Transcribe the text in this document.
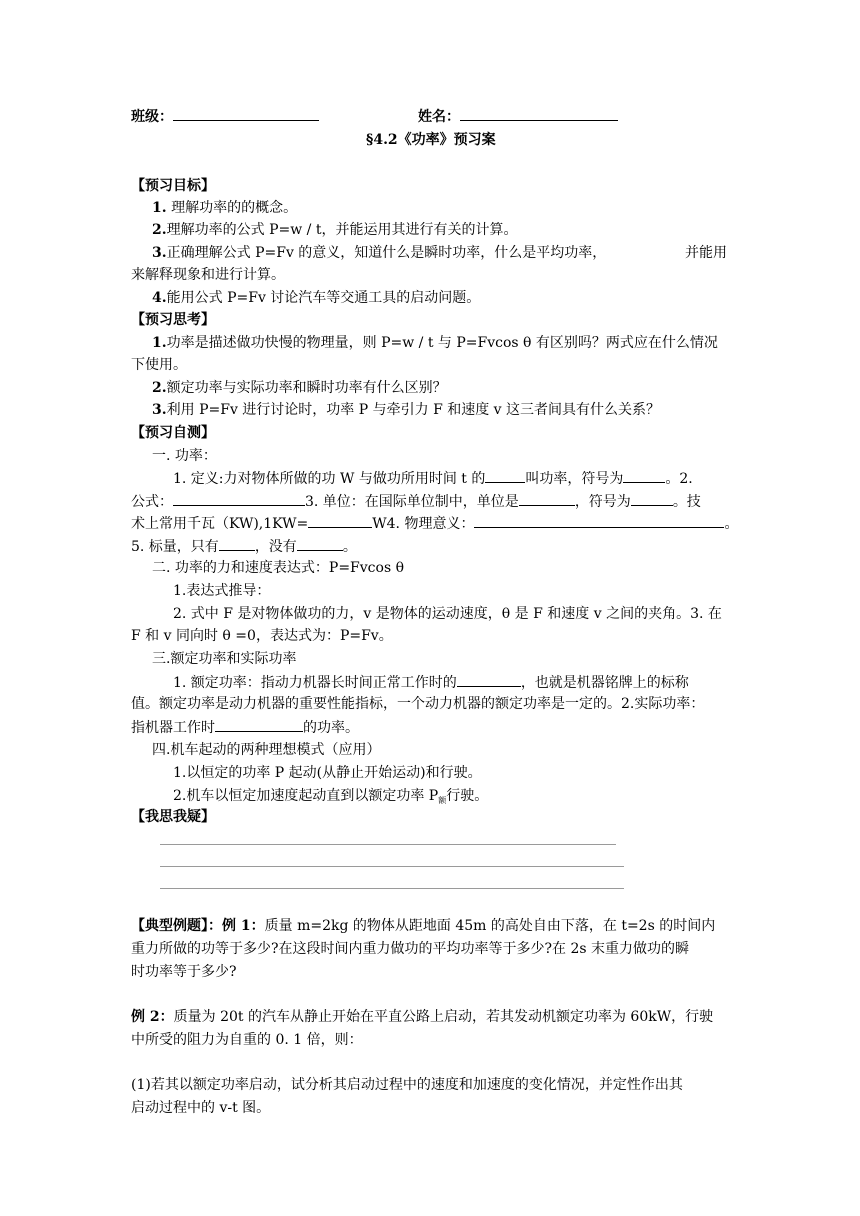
班级：	姓名：
§4.2《功率》预习案
【预习目标】
1. 理解功率的的概念。
2.理解功率的公式 P=w / t，并能运用其进行有关的计算。
3.正确理解公式 P=Fv 的意义，知道什么是瞬时功率，什么是平均功率，	并能用
来解释现象和进行计算。
4.能用公式 P=Fv 讨论汽车等交通工具的启动问题。
【预习思考】
1.功率是描述做功快慢的物理量，则 P=w / t 与 P=Fvcos θ 有区别吗？两式应在什么情况
下使用。
2.额定功率与实际功率和瞬时功率有什么区别？
3.利用 P=Fv 进行讨论时，功率 P 与牵引力 F 和速度 v 这三者间具有什么关系？
【预习自测】
一. 功率：
1. 定义:力对物体所做的功 W 与做功所用时间 t 的	叫功率，符号为	。2.
公式：	3. 单位：在国际单位制中，单位是	，符号为	。技
术上常用千瓦（KW),1KW=	W4. 物理意义：	。
5. 标量，只有	，没有	。
二. 功率的力和速度表达式：P=Fvcos θ
1.表达式推导：
2. 式中 F 是对物体做功的力，v 是物体的运动速度，θ 是 F 和速度 v 之间的夹角。3. 在
F 和 v 同向时 θ =0，表达式为：P=Fv。
三.额定功率和实际功率
1. 额定功率：指动力机器长时间正常工作时的	，也就是机器铭牌上的标称
值。额定功率是动力机器的重要性能指标，一个动力机器的额定功率是一定的。2.实际功率：
指机器工作时	的功率。
四.机车起动的两种理想模式（应用）
1.以恒定的功率 P 起动(从静止开始运动)和行驶。
2.机车以恒定加速度起动直到以额定功率 $P_额$行驶。
【我思我疑】
【典型例题】：例 1：质量 m=2kg 的物体从距地面 45m 的高处自由下落，在 t=2s 的时间内
重力所做的功等于多少?在这段时间内重力做功的平均功率等于多少?在 2s 末重力做功的瞬
时功率等于多少?
例 2：质量为 20t 的汽车从静止开始在平直公路上启动，若其发动机额定功率为 60kW，行驶
中所受的阻力为自重的 0. 1 倍，则：
(1)若其以额定功率启动，试分析其启动过程中的速度和加速度的变化情况，并定性作出其
启动过程中的 v-t 图。
